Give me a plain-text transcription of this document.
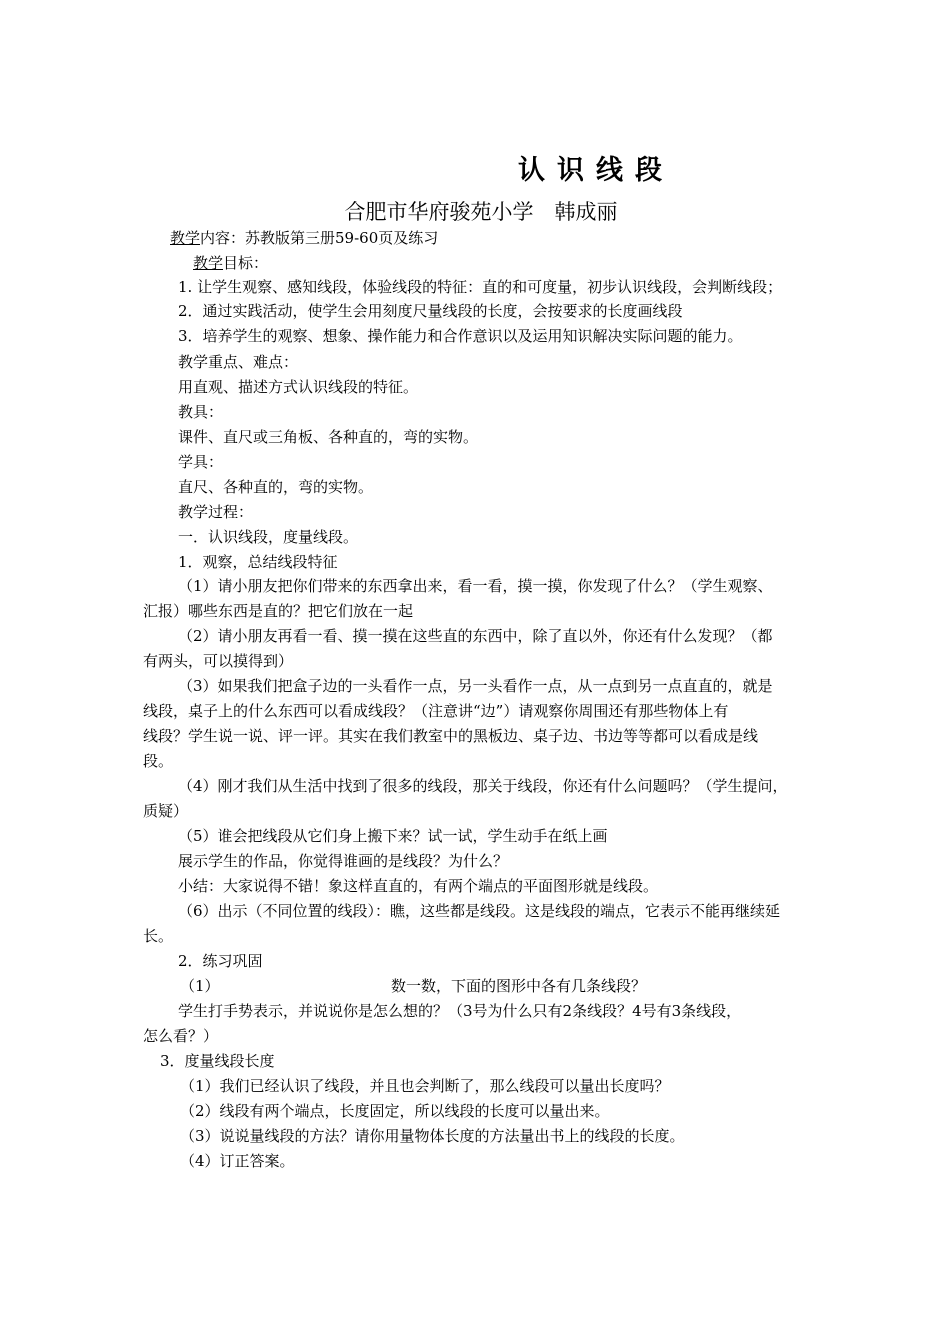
认识线段
合肥市华府骏苑小学　韩成丽
教学内容：苏教版第三册59-60页及练习
教学目标：
1. 让学生观察、感知线段，体验线段的特征：直的和可度量，初步认识线段，会判断线段；
2．通过实践活动，使学生会用刻度尺量线段的长度，会按要求的长度画线段
3．培养学生的观察、想象、操作能力和合作意识以及运用知识解决实际问题的能力。
教学重点、难点：
用直观、描述方式认识线段的特征。
教具：
课件、直尺或三角板、各种直的，弯的实物。
学具：
直尺、各种直的，弯的实物。
教学过程：
一．认识线段，度量线段。
1．观察，总结线段特征
（1）请小朋友把你们带来的东西拿出来，看一看，摸一摸，你发现了什么？（学生观察、
汇报）哪些东西是直的？把它们放在一起
（2）请小朋友再看一看、摸一摸在这些直的东西中，除了直以外，你还有什么发现？（都
有两头，可以摸得到）
（3）如果我们把盒子边的一头看作一点，另一头看作一点，从一点到另一点直直的，就是
线段，桌子上的什么东西可以看成线段？（注意讲“边”）请观察你周围还有那些物体上有
线段？学生说一说、评一评。其实在我们教室中的黑板边、桌子边、书边等等都可以看成是线
段。
（4）刚才我们从生活中找到了很多的线段，那关于线段，你还有什么问题吗？（学生提问，
质疑）
（5）谁会把线段从它们身上搬下来？试一试，学生动手在纸上画
展示学生的作品，你觉得谁画的是线段？为什么？
小结：大家说得不错！象这样直直的，有两个端点的平面图形就是线段。
（6）出示（不同位置的线段）：瞧，这些都是线段。这是线段的端点，它表示不能再继续延
长。
2．练习巩固
（1）	数一数，下面的图形中各有几条线段？
学生打手势表示，并说说你是怎么想的？（3号为什么只有2条线段？4号有3条线段，
怎么看？）
3．度量线段长度
（1）我们已经认识了线段，并且也会判断了，那么线段可以量出长度吗？
（2）线段有两个端点，长度固定，所以线段的长度可以量出来。
（3）说说量线段的方法？请你用量物体长度的方法量出书上的线段的长度。
（4）订正答案。
